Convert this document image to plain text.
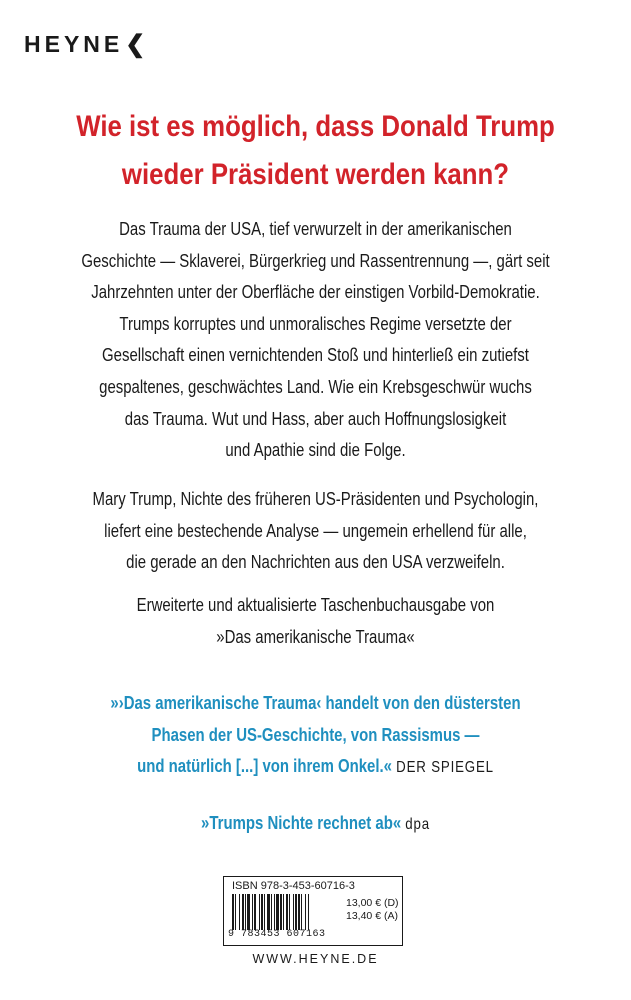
HEYNE ❮
Wie ist es möglich, dass Donald Trump
wieder Präsident werden kann?
Das Trauma der USA, tief verwurzelt in der amerikanischen
Geschichte — Sklaverei, Bürgerkrieg und Rassentrennung —, gärt seit
Jahrzehnten unter der Oberfläche der einstigen Vorbild-Demokratie.
Trumps korruptes und unmoralisches Regime versetzte der
Gesellschaft einen vernichtenden Stoß und hinterließ ein zutiefst
gespaltenes, geschwächtes Land. Wie ein Krebsgeschwür wuchs
das Trauma. Wut und Hass, aber auch Hoffnungslosigkeit
und Apathie sind die Folge.
Mary Trump, Nichte des früheren US-Präsidenten und Psychologin,
liefert eine bestechende Analyse — ungemein erhellend für alle,
die gerade an den Nachrichten aus den USA verzweifeln.
Erweiterte und aktualisierte Taschenbuchausgabe von
»Das amerikanische Trauma«
»›Das amerikanische Trauma‹ handelt von den düstersten
Phasen der US-Geschichte, von Rassismus —
und natürlich [...] von ihrem Onkel.« DER SPIEGEL
»Trumps Nichte rechnet ab« dpa
ISBN 978-3-453-60716-3
13,00 € (D)
13,40 € (A)
9 783453 607163
WWW.HEYNE.DE
